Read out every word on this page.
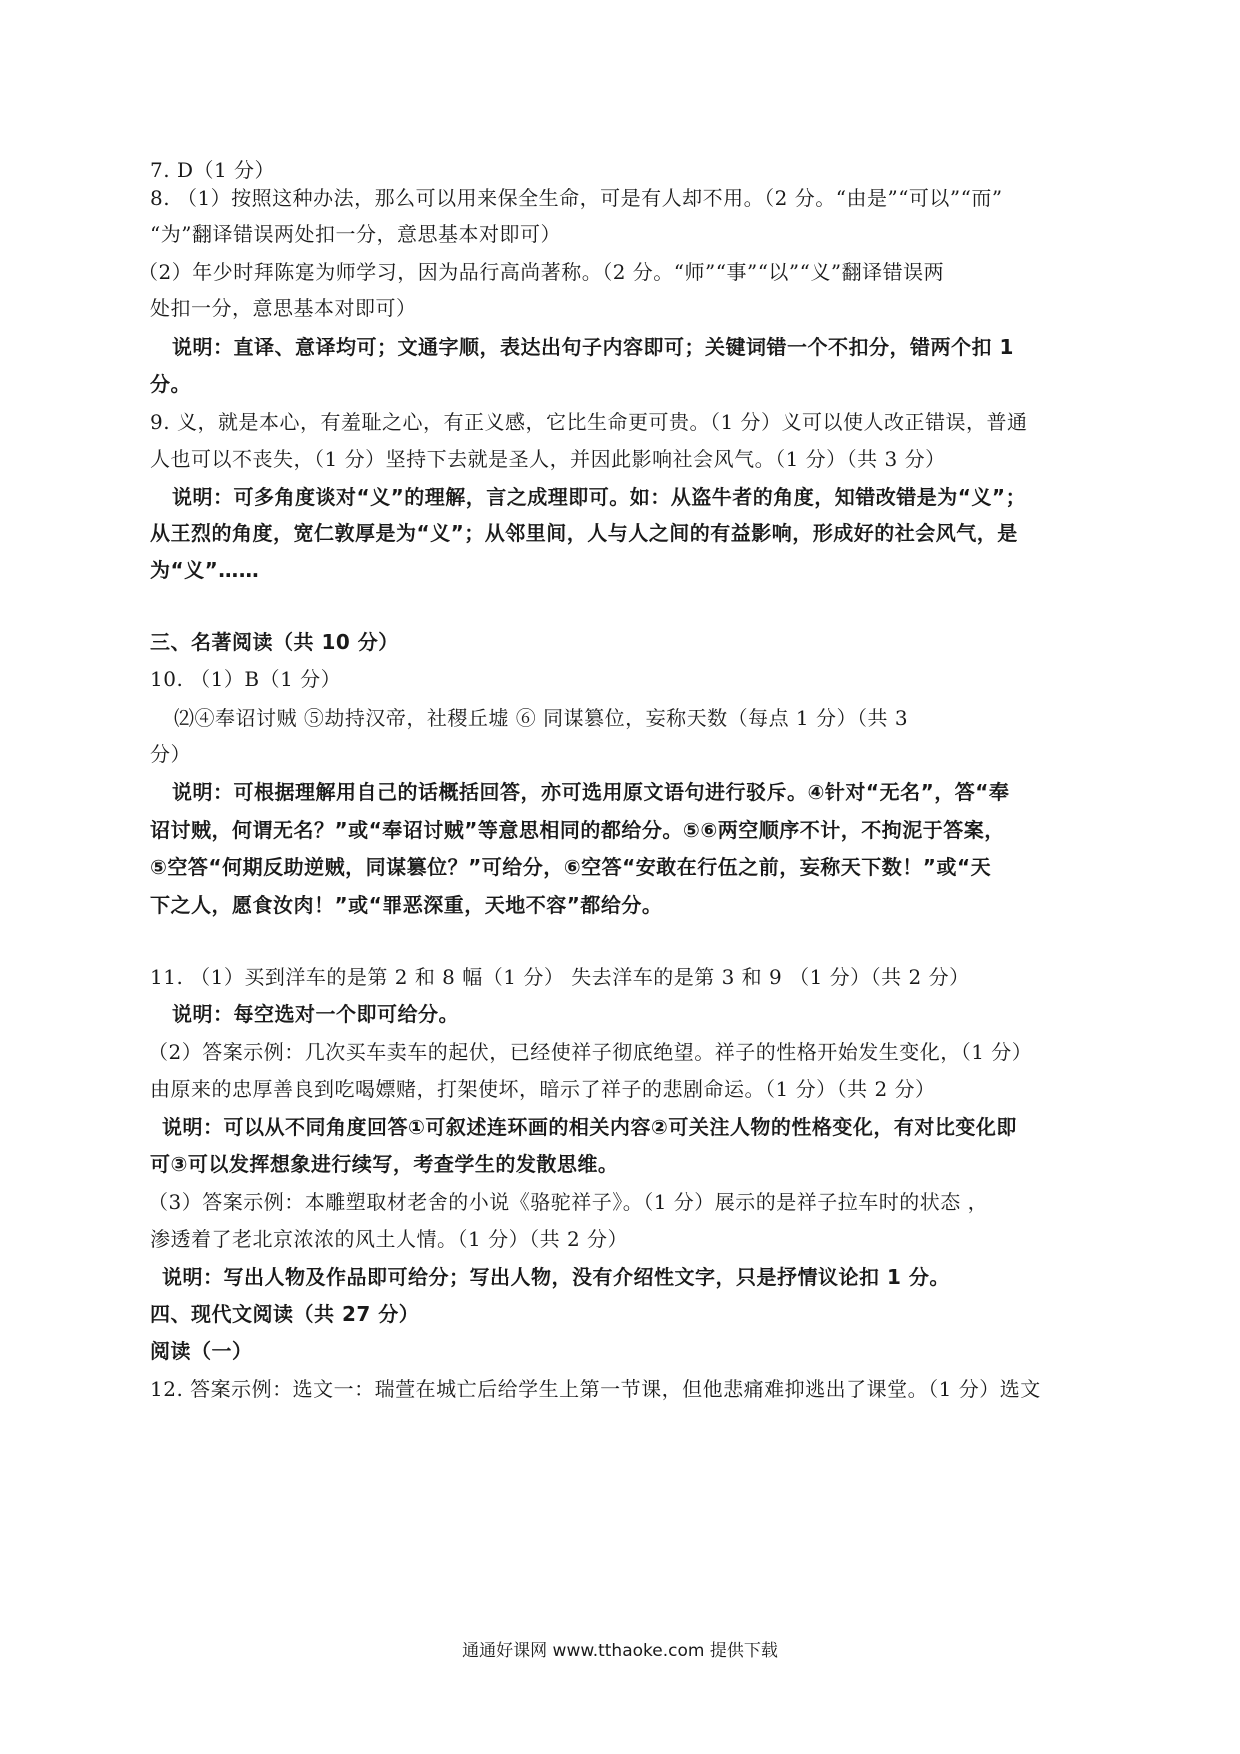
7. D（1 分）
8. （1）按照这种办法，那么可以用来保全生命，可是有人却不用。（2 分。“由是”“可以”“而”
“为”翻译错误两处扣一分，意思基本对即可）
（2）年少时拜陈寔为师学习，因为品行高尚著称。（2 分。“师”“事”“以”“义”翻译错误两
处扣一分，意思基本对即可）
说明：直译、意译均可；文通字顺，表达出句子内容即可；关键词错一个不扣分，错两个扣 1
分。
9. 义，就是本心，有羞耻之心，有正义感，它比生命更可贵。（1 分）义可以使人改正错误，普通
人也可以不丧失，（1 分）坚持下去就是圣人，并因此影响社会风气。（1 分）（共 3 分）
说明：可多角度谈对“义”的理解，言之成理即可。如：从盗牛者的角度，知错改错是为“义”；
从王烈的角度，宽仁敦厚是为“义”；从邻里间，人与人之间的有益影响，形成好的社会风气，是
为“义”……
三、名著阅读（共 10 分）
10. （1）B（1 分）
⑵④奉诏讨贼 ⑤劫持汉帝，社稷丘墟 ⑥ 同谋篡位，妄称天数（每点 1 分）（共 3
分）
说明：可根据理解用自己的话概括回答，亦可选用原文语句进行驳斥。④针对“无名”，答“奉
诏讨贼，何谓无名？”或“奉诏讨贼”等意思相同的都给分。⑤⑥两空顺序不计，不拘泥于答案，
⑤空答“何期反助逆贼，同谋篡位？”可给分，⑥空答“安敢在行伍之前，妄称天下数！”或“天
下之人，愿食汝肉！”或“罪恶深重，天地不容”都给分。
11. （1）买到洋车的是第 2 和 8 幅（1 分） 失去洋车的是第 3 和 9 （1 分）（共 2 分）
说明：每空选对一个即可给分。
（2）答案示例：几次买车卖车的起伏，已经使祥子彻底绝望。祥子的性格开始发生变化，（1 分）
由原来的忠厚善良到吃喝嫖赌，打架使坏，暗示了祥子的悲剧命运。（1 分）（共 2 分）
说明：可以从不同角度回答①可叙述连环画的相关内容②可关注人物的性格变化，有对比变化即
可③可以发挥想象进行续写，考查学生的发散思维。
（3）答案示例：本雕塑取材老舍的小说《骆驼祥子》。（1 分）展示的是祥子拉车时的状态 ，
渗透着了老北京浓浓的风土人情。（1 分）（共 2 分）
说明：写出人物及作品即可给分；写出人物，没有介绍性文字，只是抒情议论扣 1 分。
四、现代文阅读（共 27 分）
阅读（一）
12. 答案示例：选文一：瑞萱在城亡后给学生上第一节课，但他悲痛难抑逃出了课堂。（1 分）选文
通通好课网 www.tthaoke.com 提供下载
